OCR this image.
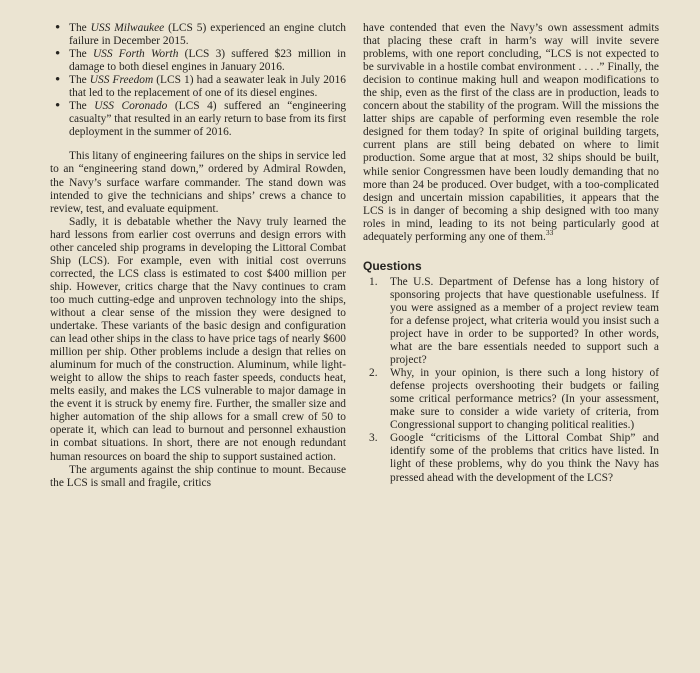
• The USS Milwaukee (LCS 5) experienced an engine clutch failure in December 2015.
• The USS Forth Worth (LCS 3) suffered $23 million in damage to both diesel engines in January 2016.
• The USS Freedom (LCS 1) had a seawater leak in July 2016 that led to the replacement of one of its diesel engines.
• The USS Coronado (LCS 4) suffered an “engineering casualty” that resulted in an early return to base from its first deployment in the summer of 2016.

This litany of engineering failures on the ships in service led to an “engineering stand down,” ordered by Admiral Rowden, the Navy’s surface warfare commander. The stand down was intended to give the technicians and ships’ crews a chance to review, test, and evaluate equipment.

Sadly, it is debatable whether the Navy truly learned the hard lessons from earlier cost overruns and design errors with other canceled ship programs in developing the Littoral Combat Ship (LCS). For example, even with initial cost overruns corrected, the LCS class is estimated to cost $400 million per ship. However, critics charge that the Navy continues to cram too much cutting-edge and unproven technology into the ships, without a clear sense of the mission they were designed to undertake. These variants of the basic design and configuration can lead other ships in the class to have price tags of nearly $600 million per ship. Other problems include a design that relies on aluminum for much of the construction. Aluminum, while light-weight to allow the ships to reach faster speeds, conducts heat, melts easily, and makes the LCS vulnerable to major damage in the event it is struck by enemy fire. Further, the smaller size and higher automation of the ship allows for a small crew of 50 to operate it, which can lead to burnout and personnel exhaustion in combat situations. In short, there are not enough redundant human resources on board the ship to support sustained action.

The arguments against the ship continue to mount. Because the LCS is small and fragile, critics

have contended that even the Navy’s own assessment admits that placing these craft in harm’s way will invite severe problems, with one report concluding, “LCS is not expected to be survivable in a hostile combat environment . . . .” Finally, the decision to continue making hull and weapon modifications to the ship, even as the first of the class are in production, leads to concern about the stability of the program. Will the missions the latter ships are capable of performing even resemble the role designed for them today? In spite of original building targets, current plans are still being debated on where to limit production. Some argue that at most, 32 ships should be built, while senior Congressmen have been loudly demanding that no more than 24 be produced. Over budget, with a too-complicated design and uncertain mission capabilities, it appears that the LCS is in danger of becoming a ship designed with too many roles in mind, leading to its not being particularly good at adequately performing any one of them.$^{33}$

Questions
1. The U.S. Department of Defense has a long history of sponsoring projects that have questionable usefulness. If you were assigned as a member of a project review team for a defense project, what criteria would you insist such a project have in order to be supported? In other words, what are the bare essentials needed to support such a project?
2. Why, in your opinion, is there such a long history of defense projects overshooting their budgets or failing some critical performance metrics? (In your assessment, make sure to consider a wide variety of criteria, from Congressional support to changing political realities.)
3. Google “criticisms of the Littoral Combat Ship” and identify some of the problems that critics have listed. In light of these problems, why do you think the Navy has pressed ahead with the development of the LCS?
